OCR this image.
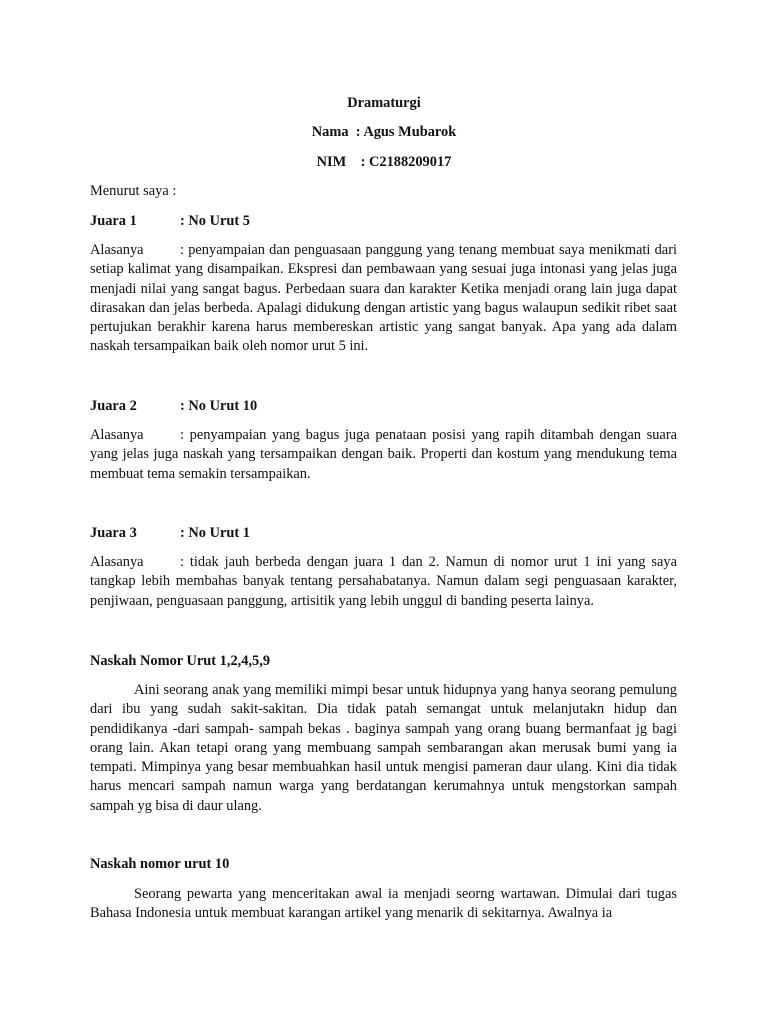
Dramaturgi
Nama  : Agus Mubarok
NIM    : C2188209017
Menurut saya :
Juara 1	: No Urut 5
Alasanya	: penyampaian dan penguasaan panggung yang tenang membuat saya menikmati dari setiap kalimat yang disampaikan. Ekspresi dan pembawaan yang sesuai juga intonasi yang jelas juga menjadi nilai yang sangat bagus. Perbedaan suara dan karakter Ketika menjadi orang lain juga dapat dirasakan dan jelas berbeda. Apalagi didukung dengan artistic yang bagus walaupun sedikit ribet saat pertujukan berakhir karena harus membereskan artistic yang sangat banyak. Apa yang ada dalam naskah tersampaikan baik oleh nomor urut 5 ini.
Juara 2	: No Urut 10
Alasanya	: penyampaian yang bagus juga penataan posisi yang rapih ditambah dengan suara yang jelas juga naskah yang tersampaikan dengan baik. Properti dan kostum yang mendukung tema membuat tema semakin tersampaikan.
Juara 3	: No Urut 1
Alasanya	: tidak jauh berbeda dengan juara 1 dan 2. Namun di nomor urut 1 ini yang saya tangkap lebih membahas banyak tentang persahabatanya. Namun dalam segi penguasaan karakter, penjiwaan, penguasaan panggung, artisitik yang lebih unggul di banding peserta lainya.
Naskah Nomor Urut 1,2,4,5,9
Aini seorang anak yang memiliki mimpi besar untuk hidupnya yang hanya seorang pemulung dari ibu yang sudah sakit-sakitan. Dia tidak patah semangat untuk melanjutakn hidup dan pendidikanya -dari sampah- sampah bekas . baginya sampah yang orang buang bermanfaat jg bagi orang lain. Akan tetapi orang yang membuang sampah sembarangan akan merusak bumi yang ia tempati. Mimpinya yang besar membuahkan hasil untuk mengisi pameran daur ulang. Kini dia tidak harus mencari sampah namun warga yang berdatangan kerumahnya untuk mengstorkan sampah sampah yg bisa di daur ulang.
Naskah nomor urut 10
Seorang pewarta yang menceritakan awal ia menjadi seorng wartawan. Dimulai dari tugas Bahasa Indonesia untuk membuat karangan artikel yang menarik di sekitarnya. Awalnya ia
